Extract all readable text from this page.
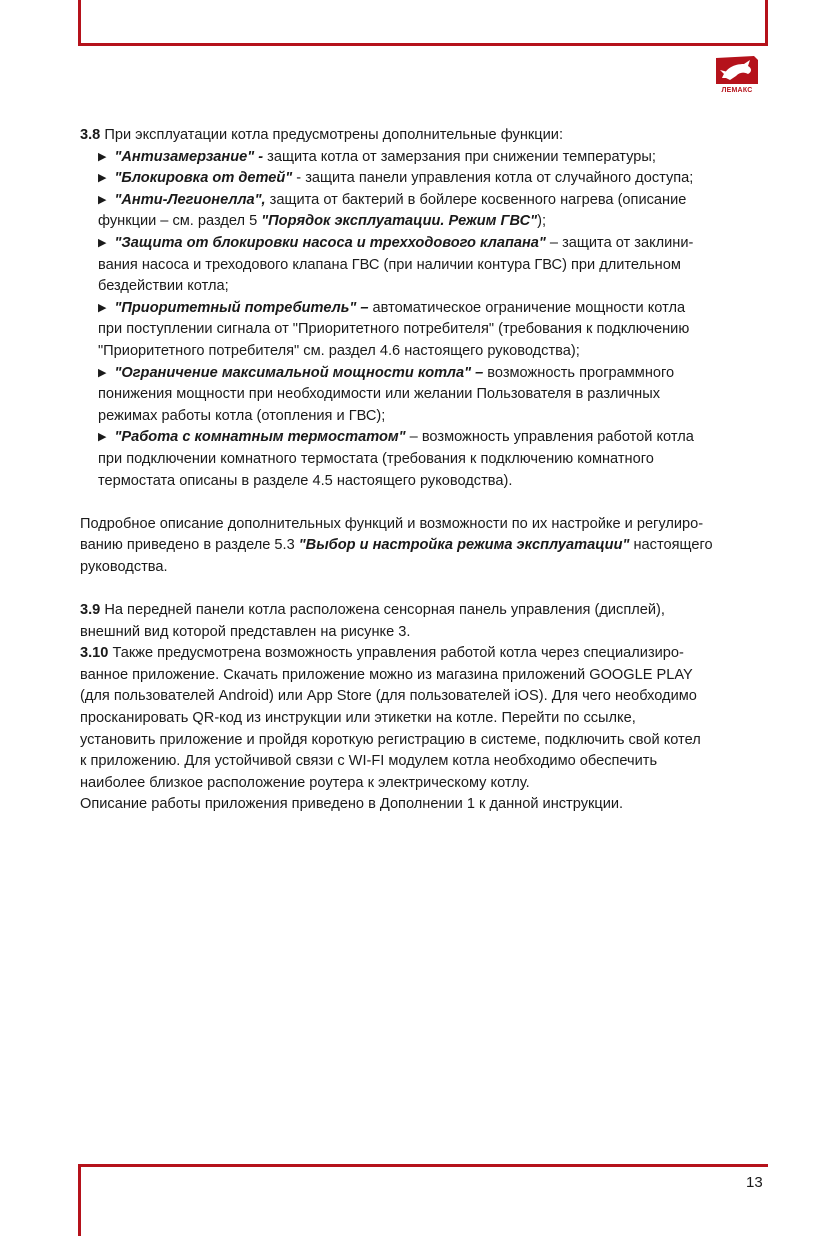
ЛЕМАКС
3.8 При эксплуатации котла предусмотрены дополнительные функции:
▶ "Антизамерзание" - защита котла от замерзания при снижении температуры;
▶ "Блокировка от детей" - защита панели управления котла от случайного доступа;
▶ "Анти-Легионелла", защита от бактерий в бойлере косвенного нагрева (описание
функции – см. раздел 5 "Порядок эксплуатации. Режим ГВС");
▶ "Защита от блокировки насоса и трехходового клапана" – защита от заклини-
вания насоса и треходового клапана ГВС (при наличии контура ГВС) при длительном
бездействии котла;
▶ "Приоритетный потребитель" – автоматическое ограничение мощности котла
при поступлении сигнала от "Приоритетного потребителя" (требования к подключению
"Приоритетного потребителя" см. раздел 4.6 настоящего руководства);
▶ "Ограничение максимальной мощности котла" – возможность программного
понижения мощности при необходимости или желании Пользователя в различных
режимах работы котла (отопления и ГВС);
▶ "Работа с комнатным термостатом" – возможность управления работой котла
при подключении комнатного термостата (требования к подключению комнатного
термостата описаны в разделе 4.5 настоящего руководства).
Подробное описание дополнительных функций и возможности по их настройке и регулиро-
ванию приведено в разделе 5.3 "Выбор и настройка режима эксплуатации" настоящего
руководства.
3.9 На передней панели котла расположена сенсорная панель управления (дисплей),
внешний вид которой представлен на рисунке 3.
3.10 Также предусмотрена возможность управления работой котла через специализиро-
ванное приложение. Скачать приложение можно из магазина приложений GOOGLE PLAY
(для пользователей Android) или App Store (для пользователей iOS). Для чего необходимо
просканировать QR-код из инструкции или этикетки на котле. Перейти по ссылке,
установить приложение и пройдя короткую регистрацию в системе, подключить свой котел
к приложению. Для устойчивой связи с WI-FI модулем котла необходимо обеспечить
наиболее близкое расположение роутера к электрическому котлу.
Описание работы приложения приведено в Дополнении 1 к данной инструкции.
13
